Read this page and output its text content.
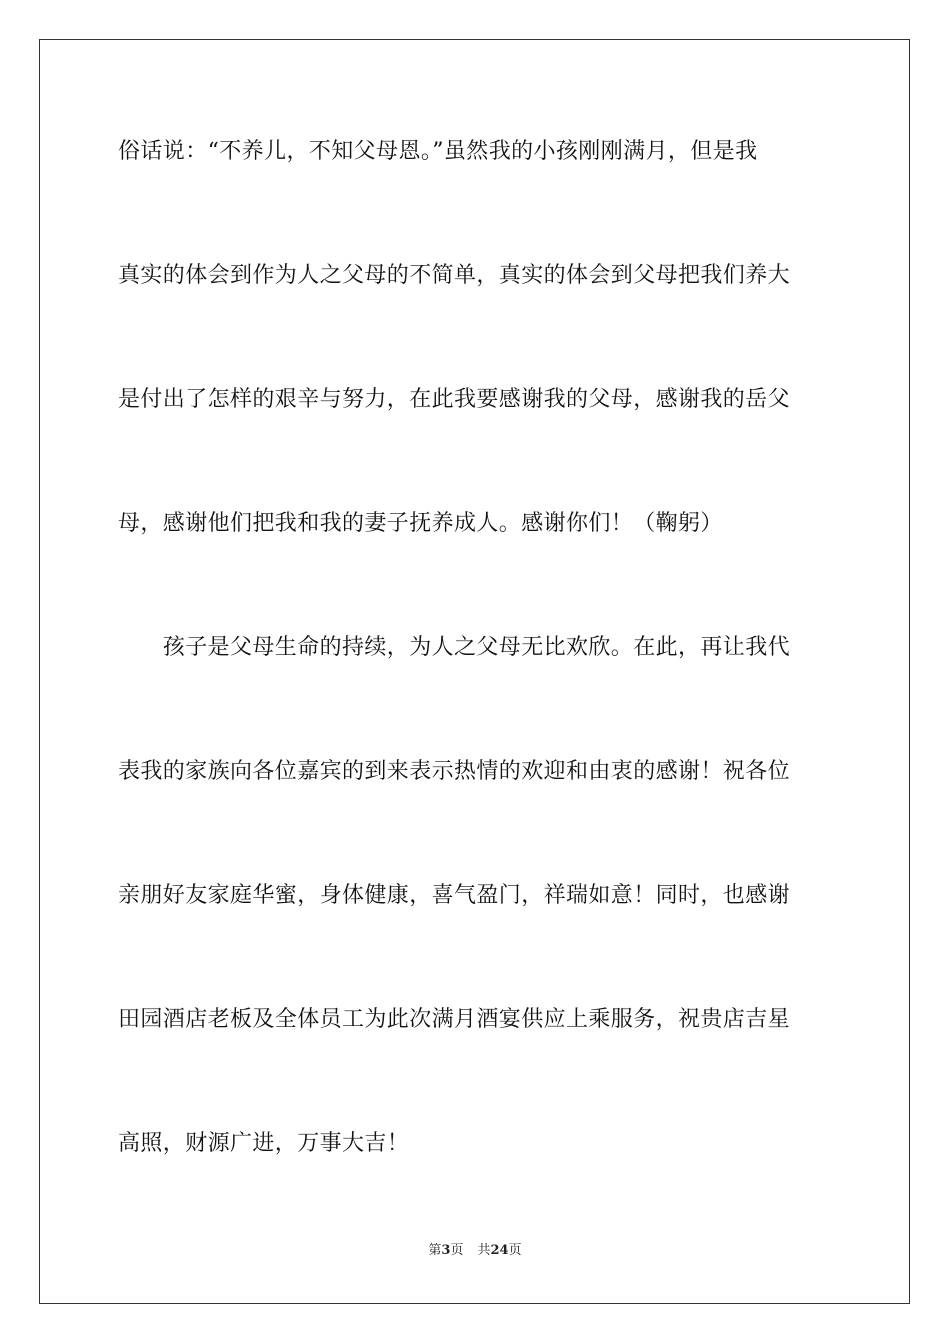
俗话说：“不养儿，不知父母恩。”虽然我的小孩刚刚满月，但是我
真实的体会到作为人之父母的不简单，真实的体会到父母把我们养大
是付出了怎样的艰辛与努力，在此我要感谢我的父母，感谢我的岳父
母，感谢他们把我和我的妻子抚养成人。感谢你们！（鞠躬）
　　孩子是父母生命的持续，为人之父母无比欢欣。在此，再让我代
表我的家族向各位嘉宾的到来表示热情的欢迎和由衷的感谢！祝各位
亲朋好友家庭华蜜，身体健康，喜气盈门，祥瑞如意！同时，也感谢
田园酒店老板及全体员工为此次满月酒宴供应上乘服务，祝贵店吉星
高照，财源广进，万事大吉！
第3页 共24页
